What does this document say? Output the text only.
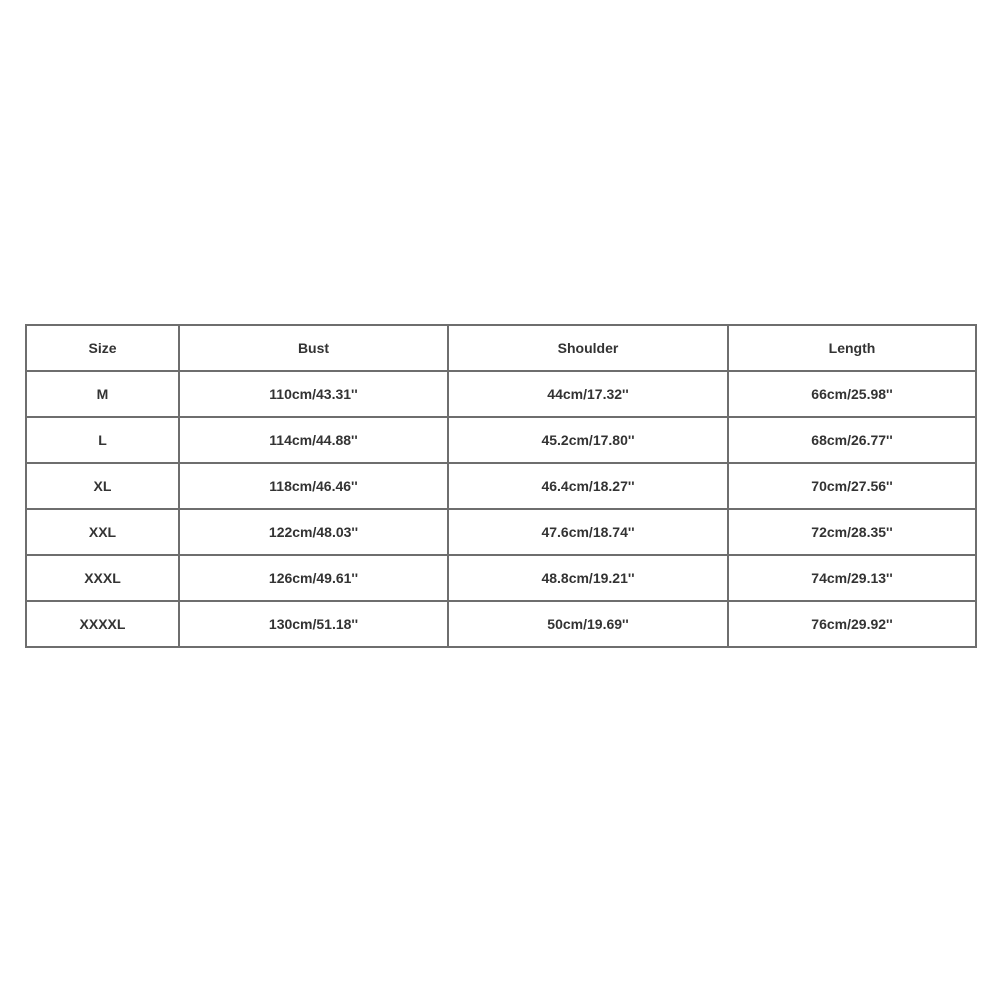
Size	Bust	Shoulder	Length
M	110cm/43.31''	44cm/17.32''	66cm/25.98''
L	114cm/44.88''	45.2cm/17.80''	68cm/26.77''
XL	118cm/46.46''	46.4cm/18.27''	70cm/27.56''
XXL	122cm/48.03''	47.6cm/18.74''	72cm/28.35''
XXXL	126cm/49.61''	48.8cm/19.21''	74cm/29.13''
XXXXL	130cm/51.18''	50cm/19.69''	76cm/29.92''
